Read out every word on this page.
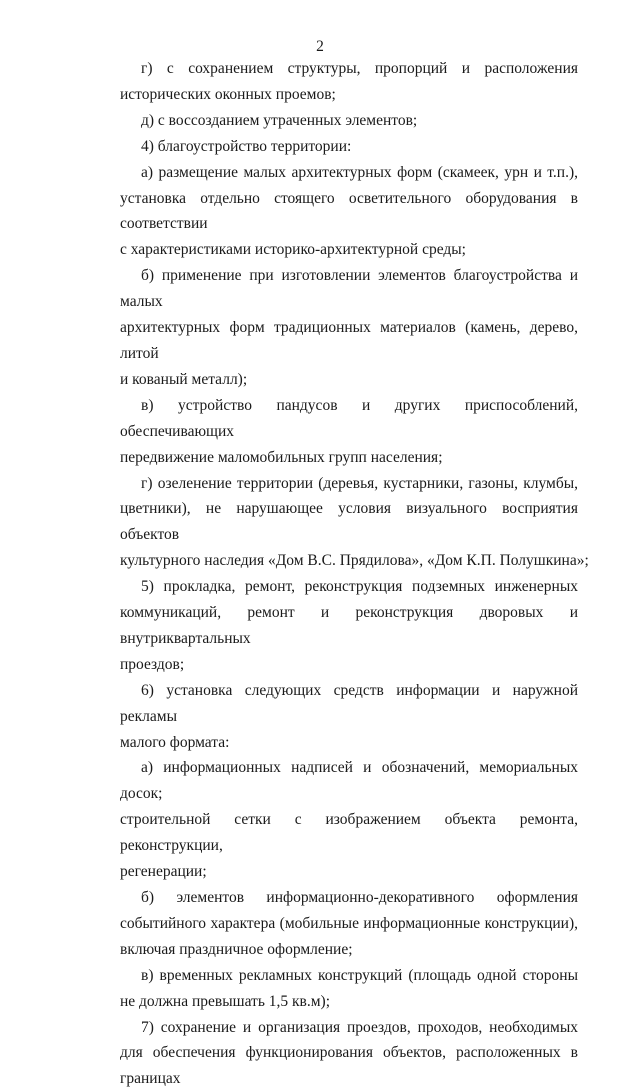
2

г) с сохранением структуры, пропорций и расположения
исторических оконных проемов;

д) с воссозданием утраченных элементов;

4) благоустройство территории:

а) размещение малых архитектурных форм (скамеек, урн и т.п.),
установка отдельно стоящего осветительного оборудования в соответствии
с характеристиками историко-архитектурной среды;

б) применение при изготовлении элементов благоустройства и малых
архитектурных форм традиционных материалов (камень, дерево, литой
и кованый металл);

в) устройство пандусов и других приспособлений, обеспечивающих
передвижение маломобильных групп населения;

г) озеленение территории (деревья, кустарники, газоны, клумбы,
цветники), не нарушающее условия визуального восприятия объектов
культурного наследия «Дом В.С. Прядилова», «Дом К.П. Полушкина»;

5) прокладка, ремонт, реконструкция подземных инженерных
коммуникаций, ремонт и реконструкция дворовых и внутриквартальных
проездов;

6) установка следующих средств информации и наружной рекламы
малого формата:

а) информационных надписей и обозначений, мемориальных досок;
строительной сетки с изображением объекта ремонта, реконструкции,
регенерации;

б) элементов информационно-декоративного оформления
событийного характера (мобильные информационные конструкции),
включая праздничное оформление;

в) временных рекламных конструкций (площадь одной стороны
не должна превышать 1,5 кв.м);

7) сохранение и организация проездов, проходов, необходимых
для обеспечения функционирования объектов, расположенных в границах
